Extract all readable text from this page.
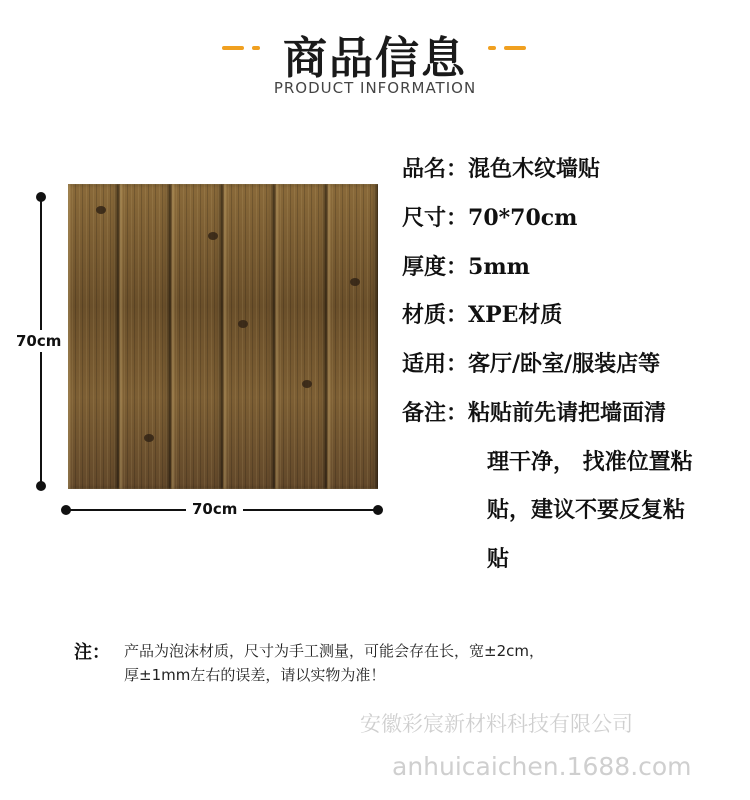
商品信息
PRODUCT INFORMATION
70cm
70cm
品名：混色木纹墙贴
尺寸：70*70cm
厚度：5mm
材质：XPE材质
适用：客厅/卧室/服装店等
备注：粘贴前先请把墙面清
理干净， 找准位置粘
贴，建议不要反复粘
贴
注： 产品为泡沫材质，尺寸为手工测量，可能会存在长，宽±2cm，
厚±1mm左右的误差，请以实物为准！
安徽彩宸新材料科技有限公司
anhuicaichen.1688.com
